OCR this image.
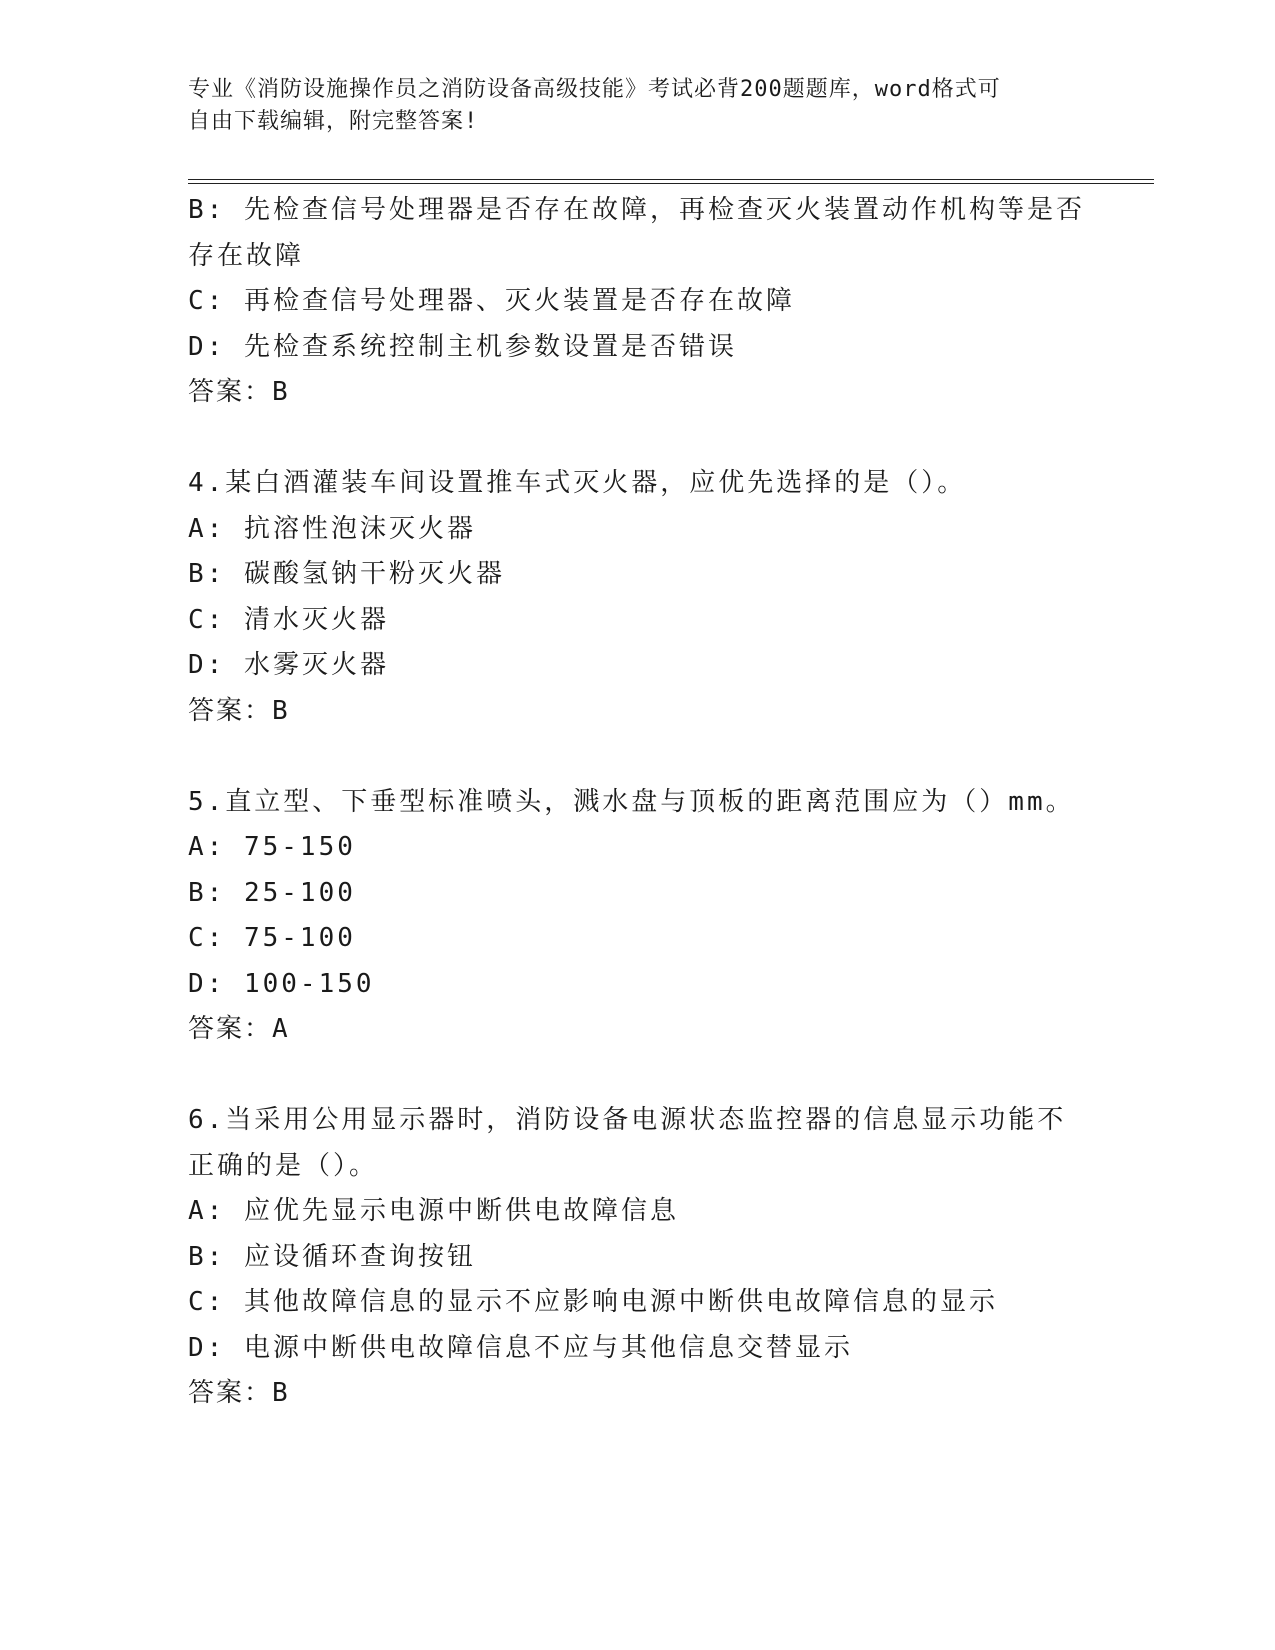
专业《消防设施操作员之消防设备高级技能》考试必背200题题库，word格式可
自由下载编辑，附完整答案!
B: 先检查信号处理器是否存在故障，再检查灭火装置动作机构等是否
存在故障
C: 再检查信号处理器、灭火装置是否存在故障
D: 先检查系统控制主机参数设置是否错误
答案：B
4.某白酒灌装车间设置推车式灭火器，应优先选择的是（）。
A: 抗溶性泡沫灭火器
B: 碳酸氢钠干粉灭火器
C: 清水灭火器
D: 水雾灭火器
答案：B
5.直立型、下垂型标准喷头，溅水盘与顶板的距离范围应为（）mm。
A: 75-150
B: 25-100
C: 75-100
D: 100-150
答案：A
6.当采用公用显示器时，消防设备电源状态监控器的信息显示功能不
正确的是（）。
A: 应优先显示电源中断供电故障信息
B: 应设循环查询按钮
C: 其他故障信息的显示不应影响电源中断供电故障信息的显示
D: 电源中断供电故障信息不应与其他信息交替显示
答案：B
